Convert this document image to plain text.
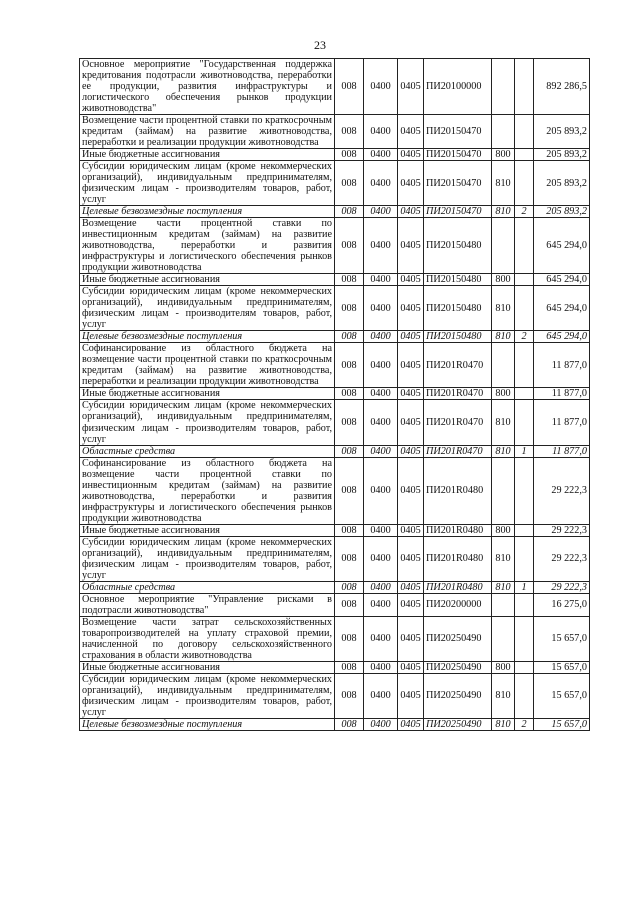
23
Основное мероприятие "Государственная поддержка кредитования подотрасли животноводства, переработки ее продукции, развития инфраструктуры и логистического обеспечения рынков продукции животноводства"	008	0400	0405	ПИ20100000			892 286,5
Возмещение части процентной ставки по краткосрочным кредитам (займам) на развитие животноводства, переработки и реализации продукции животноводства	008	0400	0405	ПИ20150470			205 893,2
Иные бюджетные ассигнования	008	0400	0405	ПИ20150470	800		205 893,2
Субсидии юридическим лицам (кроме некоммерческих организаций), индивидуальным предпринимателям, физическим лицам - производителям товаров, работ, услуг	008	0400	0405	ПИ20150470	810		205 893,2
Целевые безвозмездные поступления	008	0400	0405	ПИ20150470	810	2	205 893,2
Возмещение части процентной ставки по инвестиционным кредитам (займам) на развитие животноводства, переработки и развития инфраструктуры и логистического обеспечения рынков продукции животноводства	008	0400	0405	ПИ20150480			645 294,0
Иные бюджетные ассигнования	008	0400	0405	ПИ20150480	800		645 294,0
Субсидии юридическим лицам (кроме некоммерческих организаций), индивидуальным предпринимателям, физическим лицам - производителям товаров, работ, услуг	008	0400	0405	ПИ20150480	810		645 294,0
Целевые безвозмездные поступления	008	0400	0405	ПИ20150480	810	2	645 294,0
Софинансирование из областного бюджета на возмещение части процентной ставки по краткосрочным кредитам (займам) на развитие животноводства, переработки и реализации продукции животноводства	008	0400	0405	ПИ201R0470			11 877,0
Иные бюджетные ассигнования	008	0400	0405	ПИ201R0470	800		11 877,0
Субсидии юридическим лицам (кроме некоммерческих организаций), индивидуальным предпринимателям, физическим лицам - производителям товаров, работ, услуг	008	0400	0405	ПИ201R0470	810		11 877,0
Областные средства	008	0400	0405	ПИ201R0470	810	1	11 877,0
Софинансирование из областного бюджета на возмещение части процентной ставки по инвестиционным кредитам (займам) на развитие животноводства, переработки и развития инфраструктуры и логистического обеспечения рынков продукции животноводства	008	0400	0405	ПИ201R0480			29 222,3
Иные бюджетные ассигнования	008	0400	0405	ПИ201R0480	800		29 222,3
Субсидии юридическим лицам (кроме некоммерческих организаций), индивидуальным предпринимателям, физическим лицам - производителям товаров, работ, услуг	008	0400	0405	ПИ201R0480	810		29 222,3
Областные средства	008	0400	0405	ПИ201R0480	810	1	29 222,3
Основное мероприятие "Управление рисками в подотрасли животноводства"	008	0400	0405	ПИ20200000			16 275,0
Возмещение части затрат сельскохозяйственных товаропроизводителей на уплату страховой премии, начисленной по договору сельскохозяйственного страхования в области животноводства	008	0400	0405	ПИ20250490			15 657,0
Иные бюджетные ассигнования	008	0400	0405	ПИ20250490	800		15 657,0
Субсидии юридическим лицам (кроме некоммерческих организаций), индивидуальным предпринимателям, физическим лицам - производителям товаров, работ, услуг	008	0400	0405	ПИ20250490	810		15 657,0
Целевые безвозмездные поступления	008	0400	0405	ПИ20250490	810	2	15 657,0
